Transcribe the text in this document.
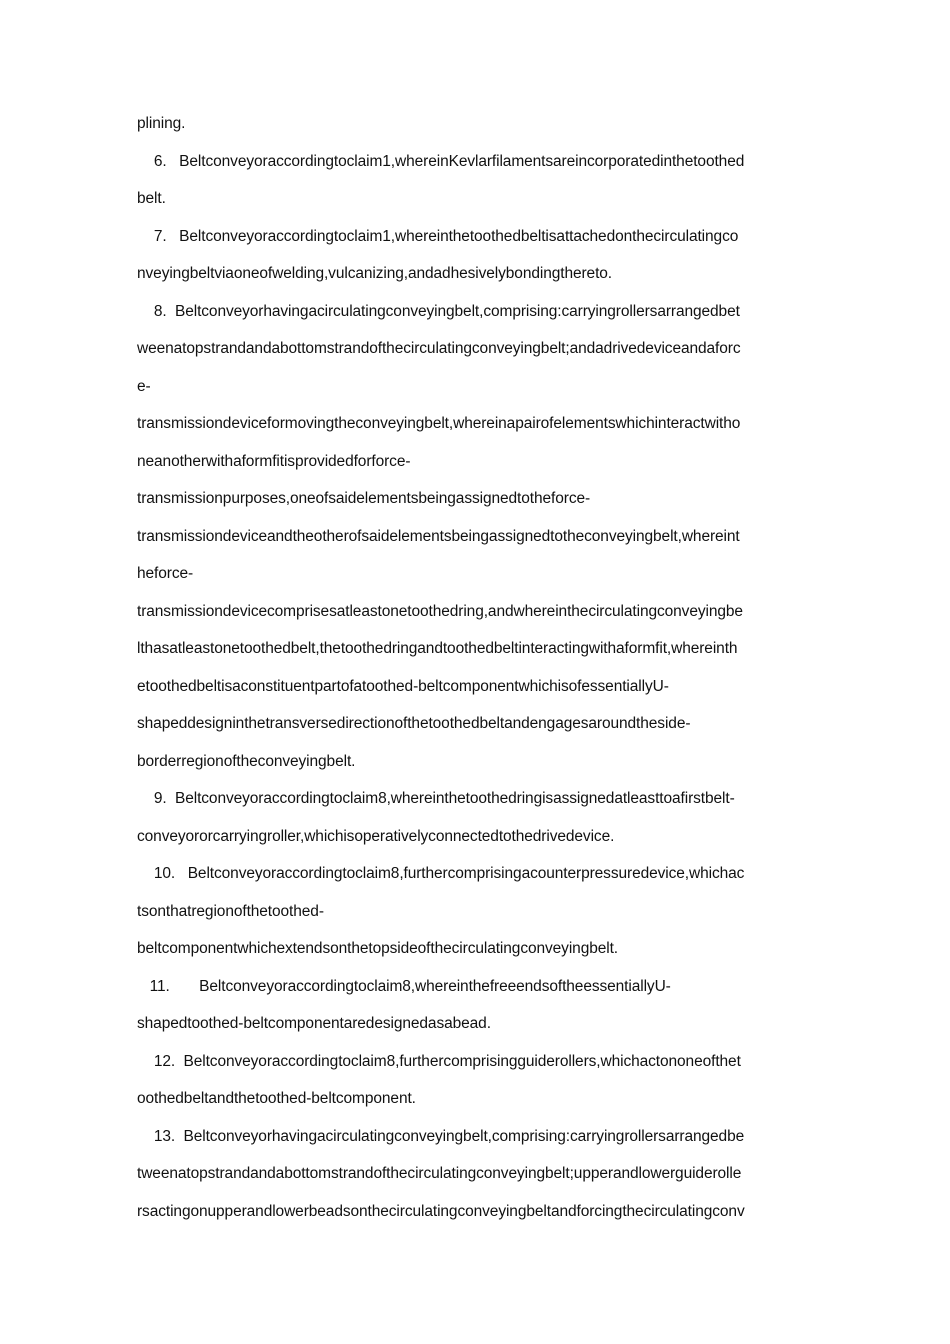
plining.
6.   Beltconveyoraccordingtoclaim1,whereinKevlarfilamentsareincorporatedinthetoothed
belt.
7.   Beltconveyoraccordingtoclaim1,whereinthetoothedbeltisattachedonthecirculatingco
nveyingbeltviaoneofwelding,vulcanizing,andadhesivelybondingthereto.
8.  Beltconveyorhavingacirculatingconveyingbelt,comprising:carryingrollersarrangedbet
weenatopstrandandabottomstrandofthecirculatingconveyingbelt;andadrivedeviceandaforc
e-
transmissiondeviceformovingtheconveyingbelt,whereinapairofelementswhichinteractwitho
neanotherwithaformfitisprovidedforforce-
transmissionpurposes,oneofsaidelementsbeingassignedtotheforce-
transmissiondeviceandtheotherofsaidelementsbeingassignedtotheconveyingbelt,whereint
heforce-
transmissiondevicecomprisesatleastonetoothedring,andwhereinthecirculatingconveyingbe
lthasatleastonetoothedbelt,thetoothedringandtoothedbeltinteractingwithaformfit,whereinth
etoothedbeltisaconstituentpartofatoothed-beltcomponentwhichisofessentiallyU-
shapeddesigninthetransversedirectionofthetoothedbeltandengagesaroundtheside-
borderregionoftheconveyingbelt.
9.  Beltconveyoraccordingtoclaim8,whereinthetoothedringisassignedatleasttoafirstbelt-
conveyororcarryingroller,whichisoperativelyconnectedtothedrivedevice.
10.   Beltconveyoraccordingtoclaim8,furthercomprisingacounterpressuredevice,whichac
tsonthatregionofthetoothed-
beltcomponentwhichextendsonthetopsideofthecirculatingconveyingbelt.
11.       Beltconveyoraccordingtoclaim8,whereinthefreeendsoftheessentiallyU-
shapedtoothed-beltcomponentaredesignedasabead.
12.  Beltconveyoraccordingtoclaim8,furthercomprisingguiderollers,whichactononeofthet
oothedbeltandthetoothed-beltcomponent.
13.  Beltconveyorhavingacirculatingconveyingbelt,comprising:carryingrollersarrangedbe
tweenatopstrandandabottomstrandofthecirculatingconveyingbelt;upperandlowerguiderolle
rsactingonupperandlowerbeadsonthecirculatingconveyingbeltandforcingthecirculatingconv
